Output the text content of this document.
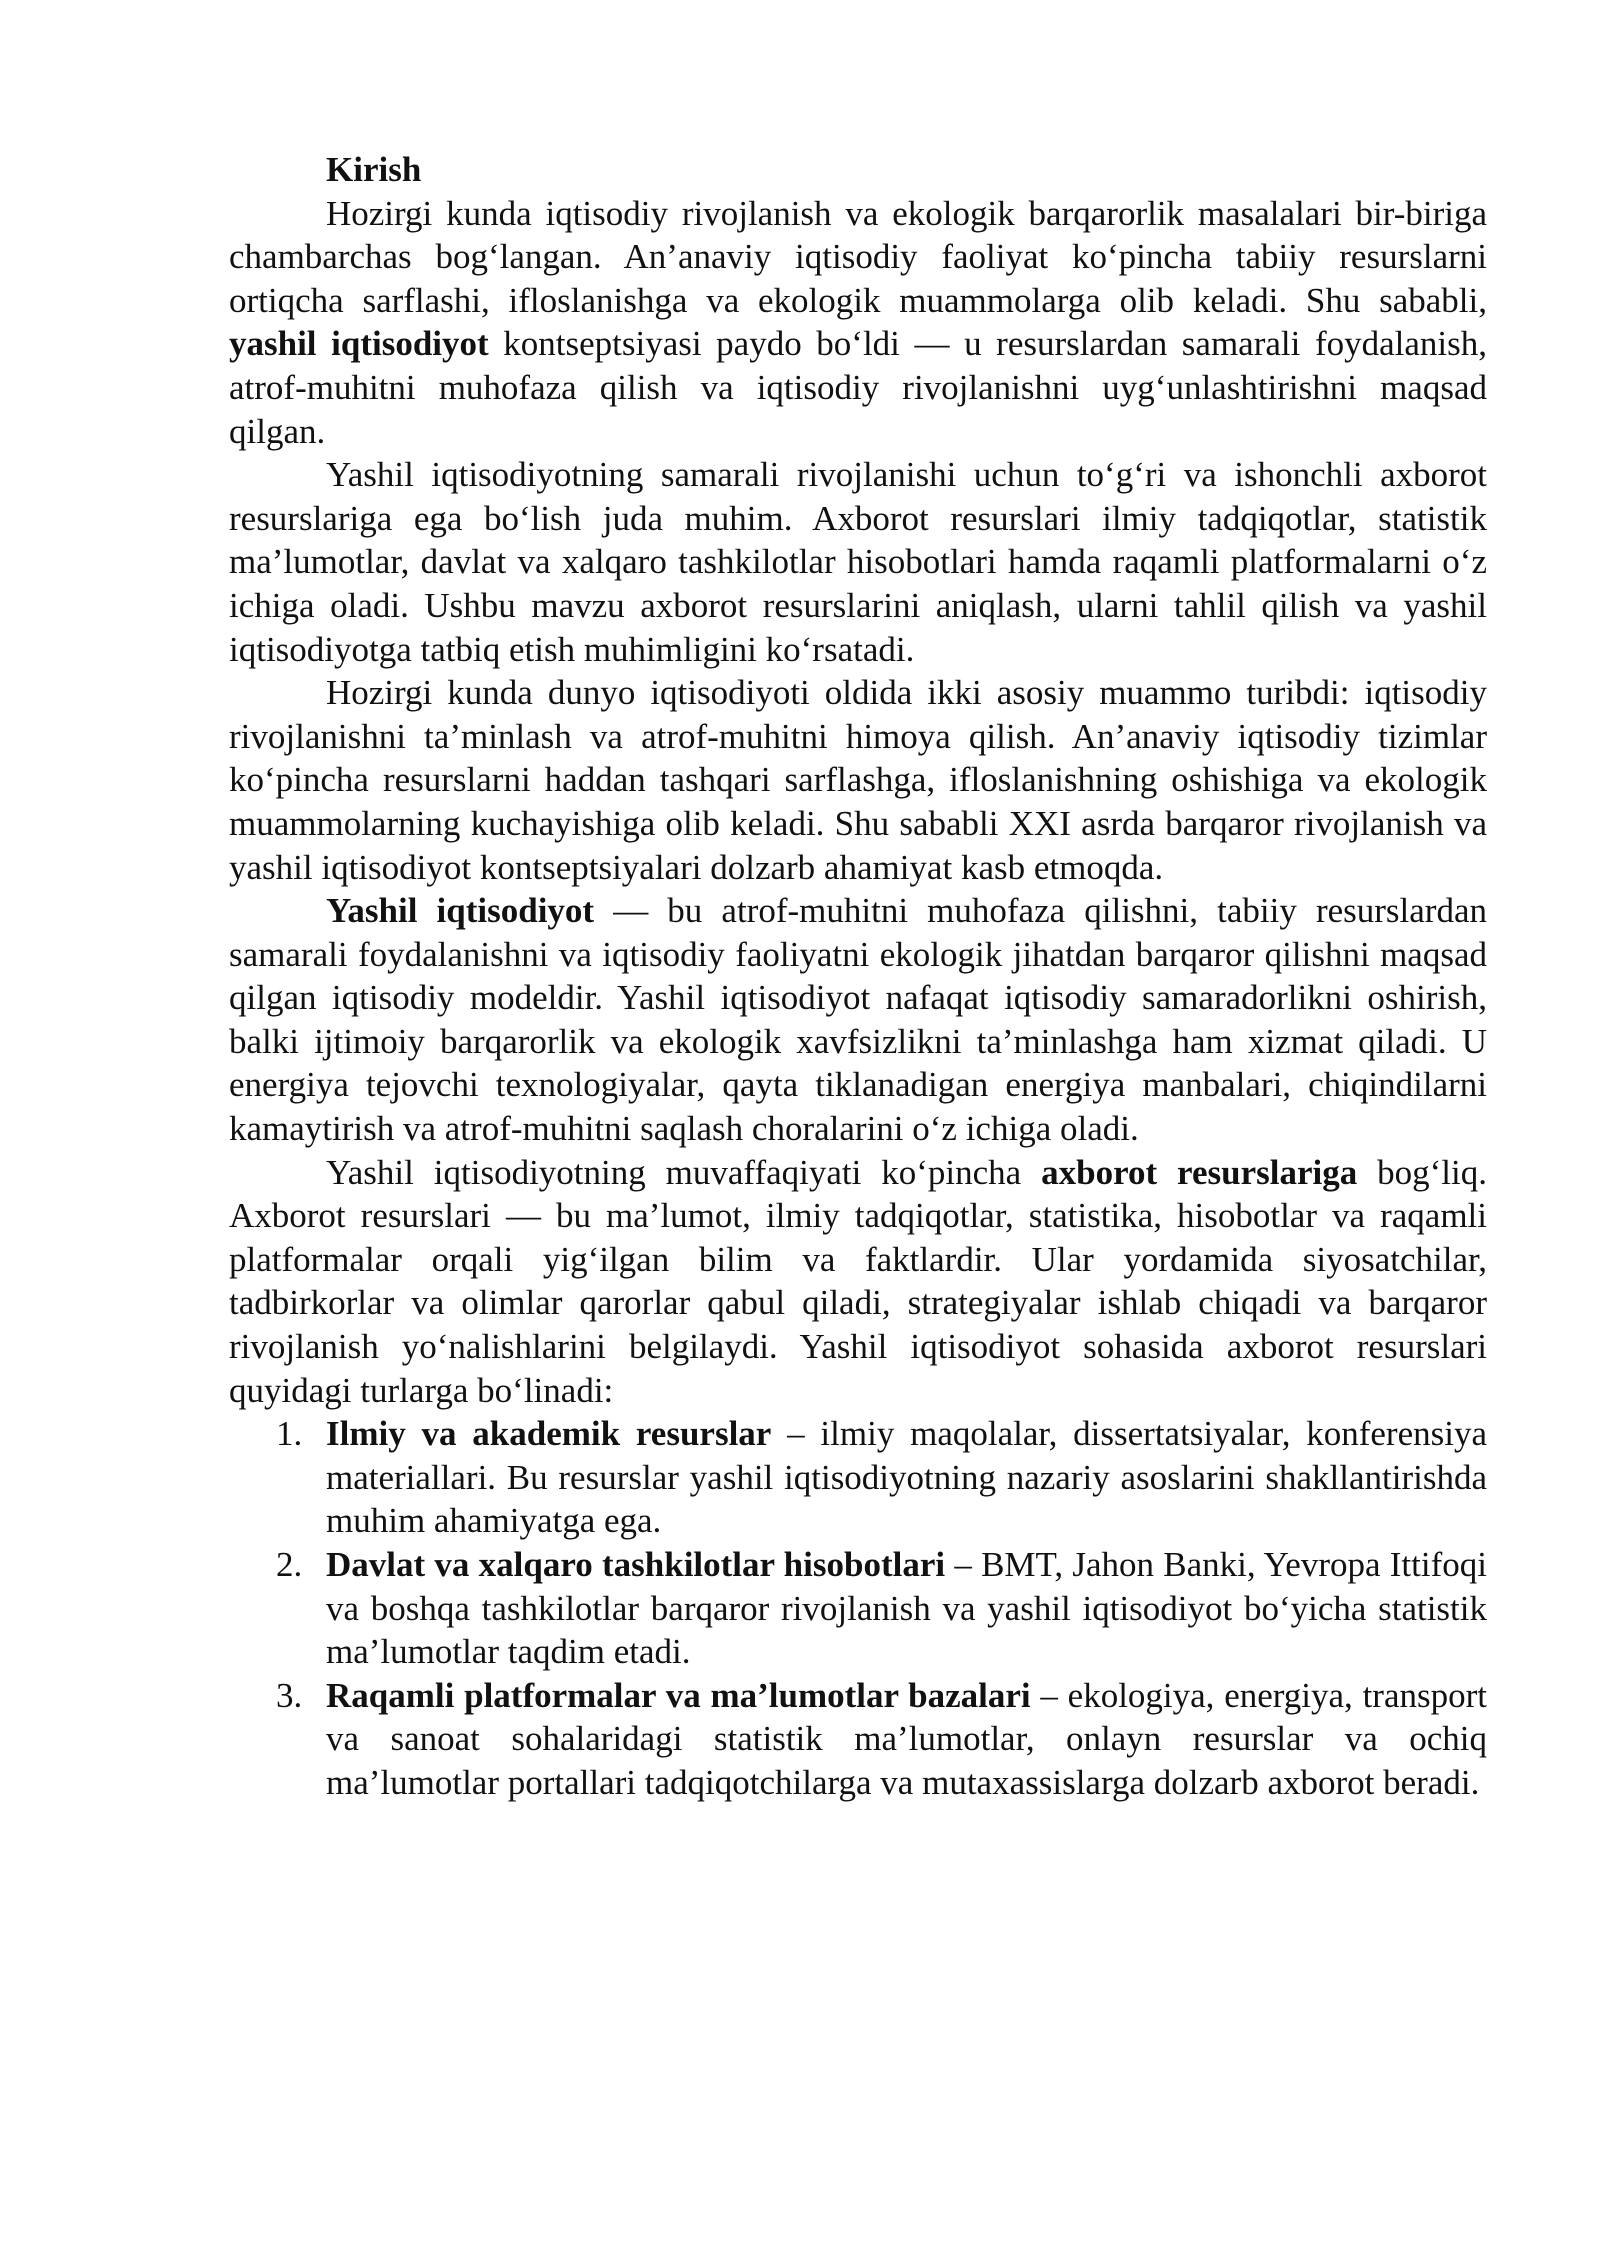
Kirish

Hozirgi kunda iqtisodiy rivojlanish va ekologik barqarorlik masalalari bir-biriga chambarchas bog‘langan. An’anaviy iqtisodiy faoliyat ko‘pincha tabiiy resurslarni ortiqcha sarflashi, ifloslanishga va ekologik muammolarga olib keladi. Shu sababli, yashil iqtisodiyot kontseptsiyasi paydo bo‘ldi — u resurslardan samarali foydalanish, atrof-muhitni muhofaza qilish va iqtisodiy rivojlanishni uyg‘unlashtirishni maqsad qilgan.

Yashil iqtisodiyotning samarali rivojlanishi uchun to‘g‘ri va ishonchli axborot resurslariga ega bo‘lish juda muhim. Axborot resurslari ilmiy tadqiqotlar, statistik ma’lumotlar, davlat va xalqaro tashkilotlar hisobotlari hamda raqamli platformalarni o‘z ichiga oladi. Ushbu mavzu axborot resurslarini aniqlash, ularni tahlil qilish va yashil iqtisodiyotga tatbiq etish muhimligini ko‘rsatadi.

Hozirgi kunda dunyo iqtisodiyoti oldida ikki asosiy muammo turibdi: iqtisodiy rivojlanishni ta’minlash va atrof-muhitni himoya qilish. An’anaviy iqtisodiy tizimlar ko‘pincha resurslarni haddan tashqari sarflashga, ifloslanishning oshishiga va ekologik muammolarning kuchayishiga olib keladi. Shu sababli XXI asrda barqaror rivojlanish va yashil iqtisodiyot kontseptsiyalari dolzarb ahamiyat kasb etmoqda.

Yashil iqtisodiyot — bu atrof-muhitni muhofaza qilishni, tabiiy resurslardan samarali foydalanishni va iqtisodiy faoliyatni ekologik jihatdan barqaror qilishni maqsad qilgan iqtisodiy modeldir. Yashil iqtisodiyot nafaqat iqtisodiy samaradorlikni oshirish, balki ijtimoiy barqarorlik va ekologik xavfsizlikni ta’minlashga ham xizmat qiladi. U energiya tejovchi texnologiyalar, qayta tiklanadigan energiya manbalari, chiqindilarni kamaytirish va atrof-muhitni saqlash choralarini o‘z ichiga oladi.

Yashil iqtisodiyotning muvaffaqiyati ko‘pincha axborot resurslariga bog‘liq. Axborot resurslari — bu ma’lumot, ilmiy tadqiqotlar, statistika, hisobotlar va raqamli platformalar orqali yig‘ilgan bilim va faktlardir. Ular yordamida siyosatchilar, tadbirkorlar va olimlar qarorlar qabul qiladi, strategiyalar ishlab chiqadi va barqaror rivojlanish yo‘nalishlarini belgilaydi. Yashil iqtisodiyot sohasida axborot resurslari quyidagi turlarga bo‘linadi:

1. Ilmiy va akademik resurslar – ilmiy maqolalar, dissertatsiyalar, konferensiya materiallari. Bu resurslar yashil iqtisodiyotning nazariy asoslarini shakllantirishda muhim ahamiyatga ega.
2. Davlat va xalqaro tashkilotlar hisobotlari – BMT, Jahon Banki, Yevropa Ittifoqi va boshqa tashkilotlar barqaror rivojlanish va yashil iqtisodiyot bo‘yicha statistik ma’lumotlar taqdim etadi.
3. Raqamli platformalar va ma’lumotlar bazalari – ekologiya, energiya, transport va sanoat sohalaridagi statistik ma’lumotlar, onlayn resurslar va ochiq ma’lumotlar portallari tadqiqotchilarga va mutaxassislarga dolzarb axborot beradi.
